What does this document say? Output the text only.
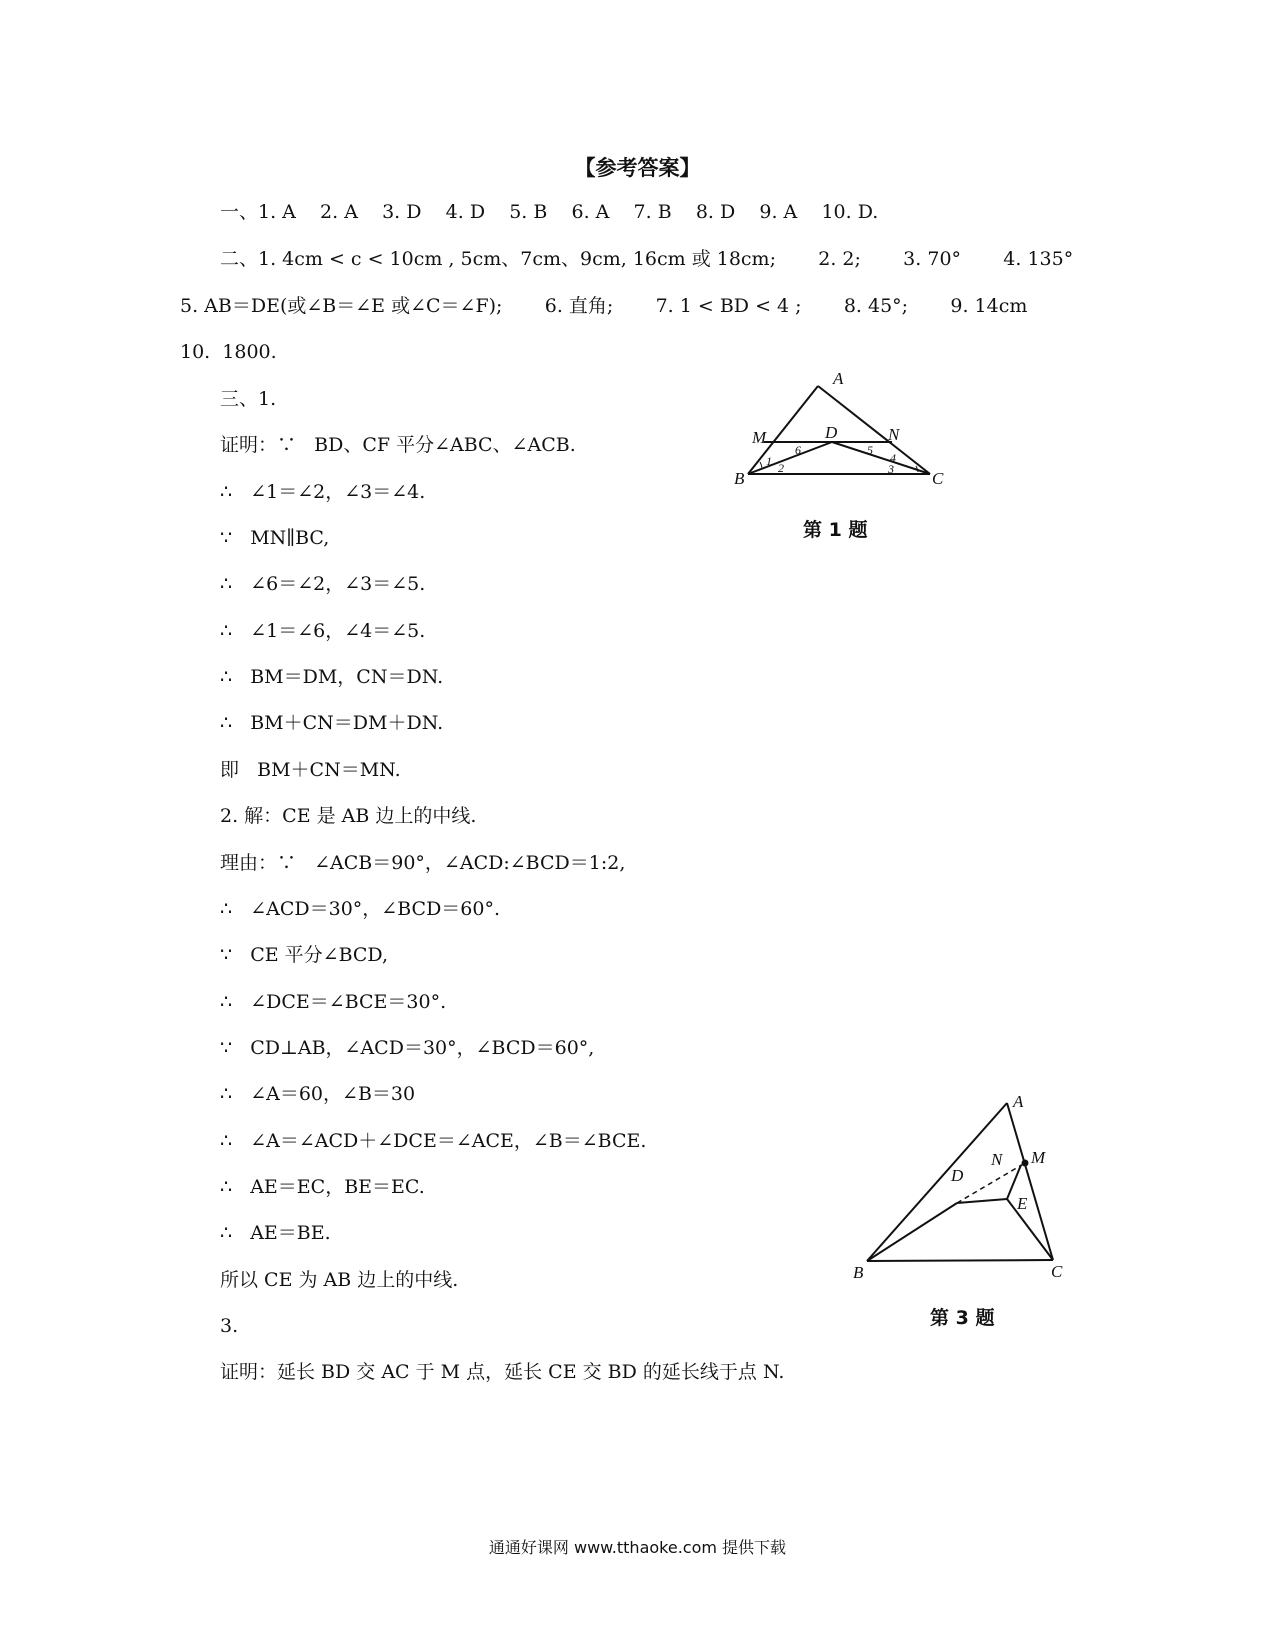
【参考答案】
一、1. A    2. A    3. D    4. D    5. B    6. A    7. B    8. D    9. A    10. D.
二、1. 4cm < c < 10cm , 5cm、7cm、9cm, 16cm 或 18cm;       2. 2;       3. 70°       4. 135°
5. AB＝DE(或∠B＝∠E 或∠C＝∠F);       6. 直角;       7. 1 < BD < 4 ;       8. 45°;       9. 14cm
10.  1800.
三、1.
证明：∵   BD、CF 平分∠ABC、∠ACB.
∴   ∠1＝∠2，∠3＝∠4.
∵   MN∥BC,
∴   ∠6＝∠2，∠3＝∠5.
∴   ∠1＝∠6，∠4＝∠5.
∴   BM＝DM，CN＝DN.
∴   BM＋CN＝DM＋DN.
即   BM＋CN＝MN.
2. 解：CE 是 AB 边上的中线.
理由：∵   ∠ACB＝90°，∠ACD:∠BCD＝1:2,
∴   ∠ACD＝30°，∠BCD＝60°.
∵   CE 平分∠BCD,
∴   ∠DCE＝∠BCE＝30°.
∵   CD⊥AB，∠ACD＝30°，∠BCD＝60°,
∴   ∠A＝60，∠B＝30
∴   ∠A＝∠ACD＋∠DCE＝∠ACE，∠B＝∠BCE.
∴   AE＝EC，BE＝EC.
∴   AE＝BE.
所以 CE 为 AB 边上的中线.
3.
证明：延长 BD 交 AC 于 M 点，延长 CE 交 BD 的延长线于点 N.
A
M	D	N
B	C
1 2	3
4
5
6
第 1 题
A
N M
D
E
B	C
第 3 题
通通好课网 www.tthaoke.com 提供下载
